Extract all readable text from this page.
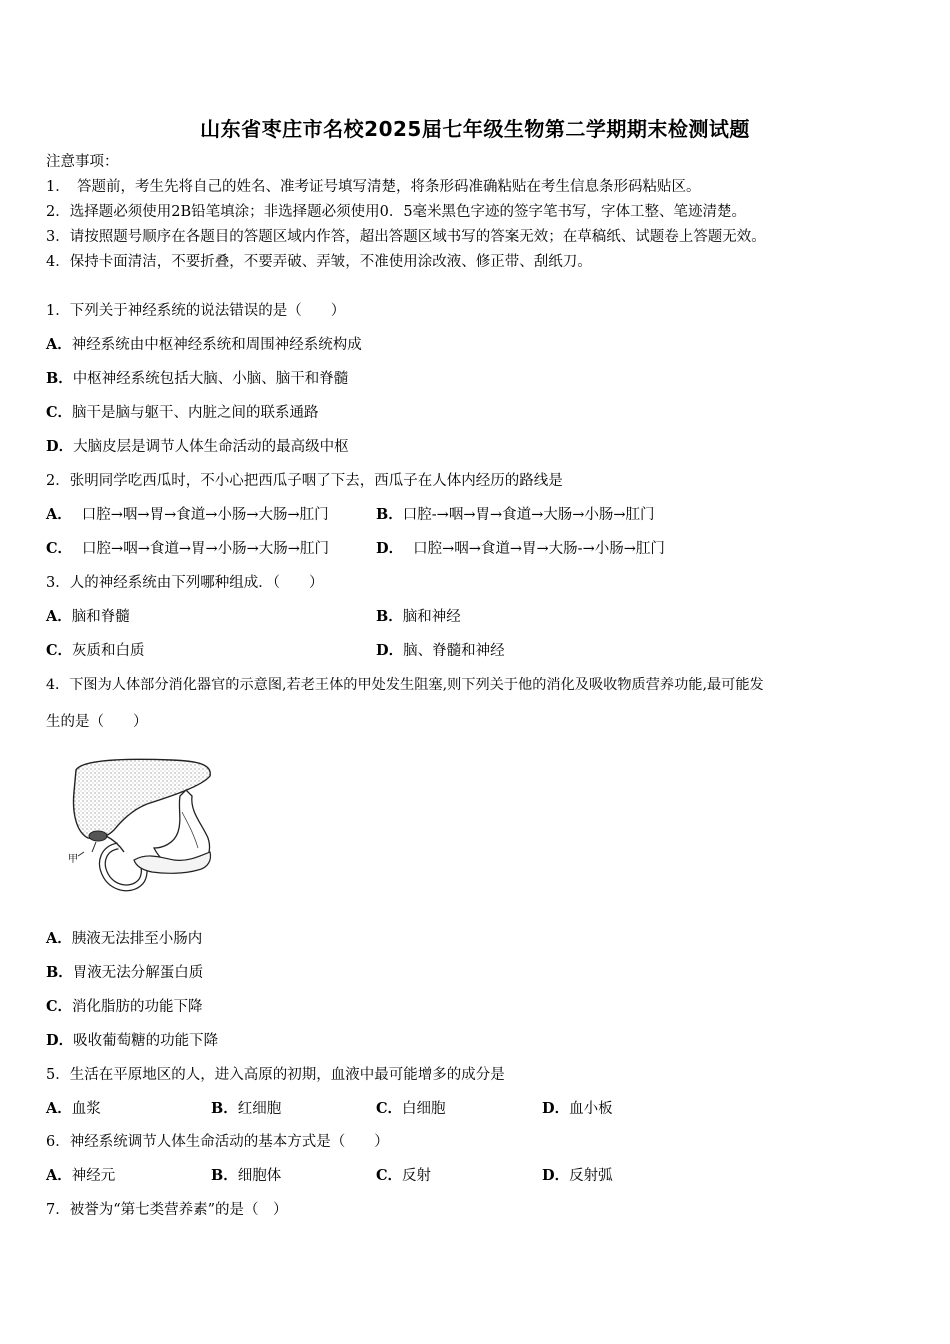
山东省枣庄市名校2025届七年级生物第二学期期末检测试题
注意事项：
1．　答题前，考生先将自己的姓名、准考证号填写清楚，将条形码准确粘贴在考生信息条形码粘贴区。
2．选择题必须使用2B铅笔填涂；非选择题必须使用0．5毫米黑色字迹的签字笔书写，字体工整、笔迹清楚。
3．请按照题号顺序在各题目的答题区域内作答，超出答题区域书写的答案无效；在草稿纸、试题卷上答题无效。
4．保持卡面清洁，不要折叠，不要弄破、弄皱，不准使用涂改液、修正带、刮纸刀。
1．下列关于神经系统的说法错误的是（　　）
A．神经系统由中枢神经系统和周围神经系统构成
B．中枢神经系统包括大脑、小脑、脑干和脊髓
C．脑干是脑与躯干、内脏之间的联系通路
D．大脑皮层是调节人体生命活动的最高级中枢
2．张明同学吃西瓜时，不小心把西瓜子咽了下去，西瓜子在人体内经历的路线是
A． 口腔→咽→胃→食道→小肠→大肠→肛门	B．口腔-→咽→胃→食道→大肠→小肠→肛门
C． 口腔→咽→食道→胃→小肠→大肠→肛门	D． 口腔→咽→食道→胃→大肠-→小肠→肛门
3．人的神经系统由下列哪种组成．（　　）
A．脑和脊髓	B．脑和神经
C．灰质和白质	D．脑、脊髓和神经
4．下图为人体部分消化器官的示意图,若老王体的甲处发生阻塞,则下列关于他的消化及吸收物质营养功能,最可能发
生的是（　　）
甲
A．胰液无法排至小肠内
B．胃液无法分解蛋白质
C．消化脂肪的功能下降
D．吸收葡萄糖的功能下降
5．生活在平原地区的人，进入高原的初期，血液中最可能增多的成分是
A．血浆	B．红细胞	C．白细胞	D．血小板
6．神经系统调节人体生命活动的基本方式是（　　）
A．神经元	B．细胞体	C．反射	D．反射弧
7．被誉为“第七类营养素”的是（　）
